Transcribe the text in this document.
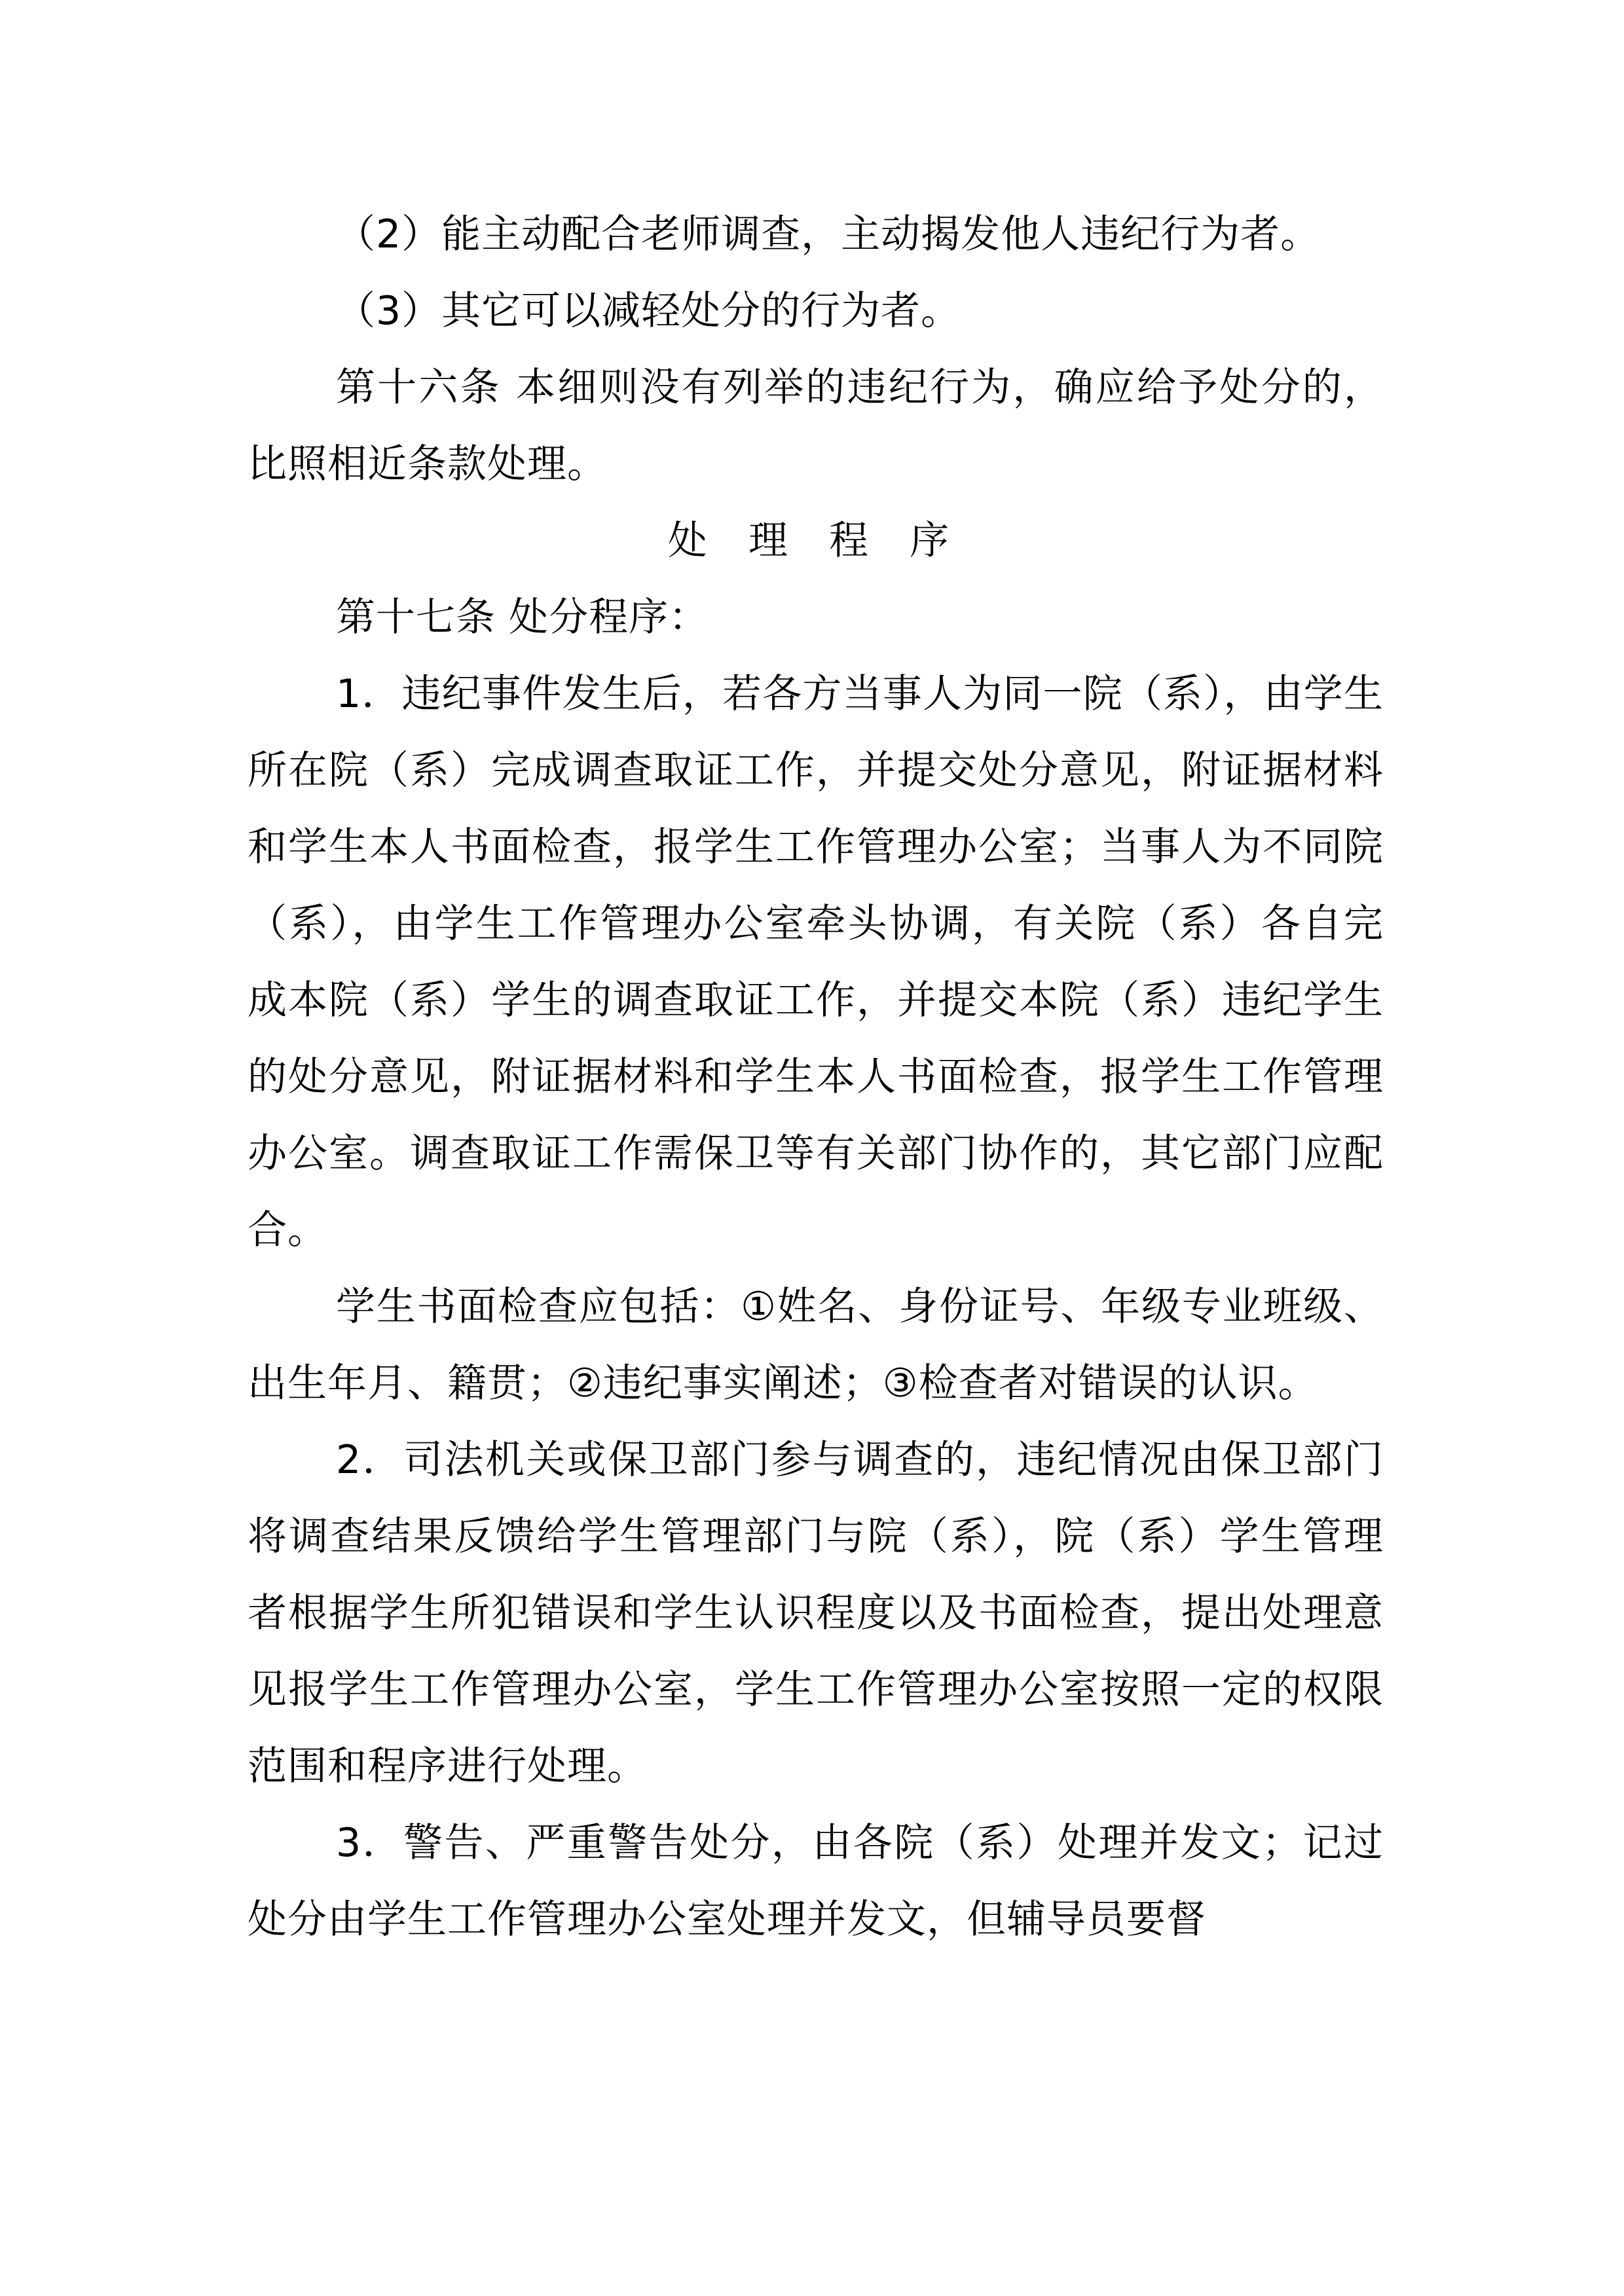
（2）能主动配合老师调查，主动揭发他人违纪行为者。

（3）其它可以减轻处分的行为者。

第十六条 本细则没有列举的违纪行为，确应给予处分的，比照相近条款处理。

处 理 程 序

第十七条 处分程序：

1．违纪事件发生后，若各方当事人为同一院（系），由学生所在院（系）完成调查取证工作，并提交处分意见，附证据材料和学生本人书面检查，报学生工作管理办公室；当事人为不同院（系），由学生工作管理办公室牵头协调，有关院（系）各自完成本院（系）学生的调查取证工作，并提交本院（系）违纪学生的处分意见，附证据材料和学生本人书面检查，报学生工作管理办公室。调查取证工作需保卫等有关部门协作的，其它部门应配合。

学生书面检查应包括：①姓名、身份证号、年级专业班级、出生年月、籍贯；②违纪事实阐述；③检查者对错误的认识。

2．司法机关或保卫部门参与调查的，违纪情况由保卫部门将调查结果反馈给学生管理部门与院（系），院（系）学生管理者根据学生所犯错误和学生认识程度以及书面检查，提出处理意见报学生工作管理办公室，学生工作管理办公室按照一定的权限范围和程序进行处理。

3．警告、严重警告处分，由各院（系）处理并发文；记过处分由学生工作管理办公室处理并发文，但辅导员要督
